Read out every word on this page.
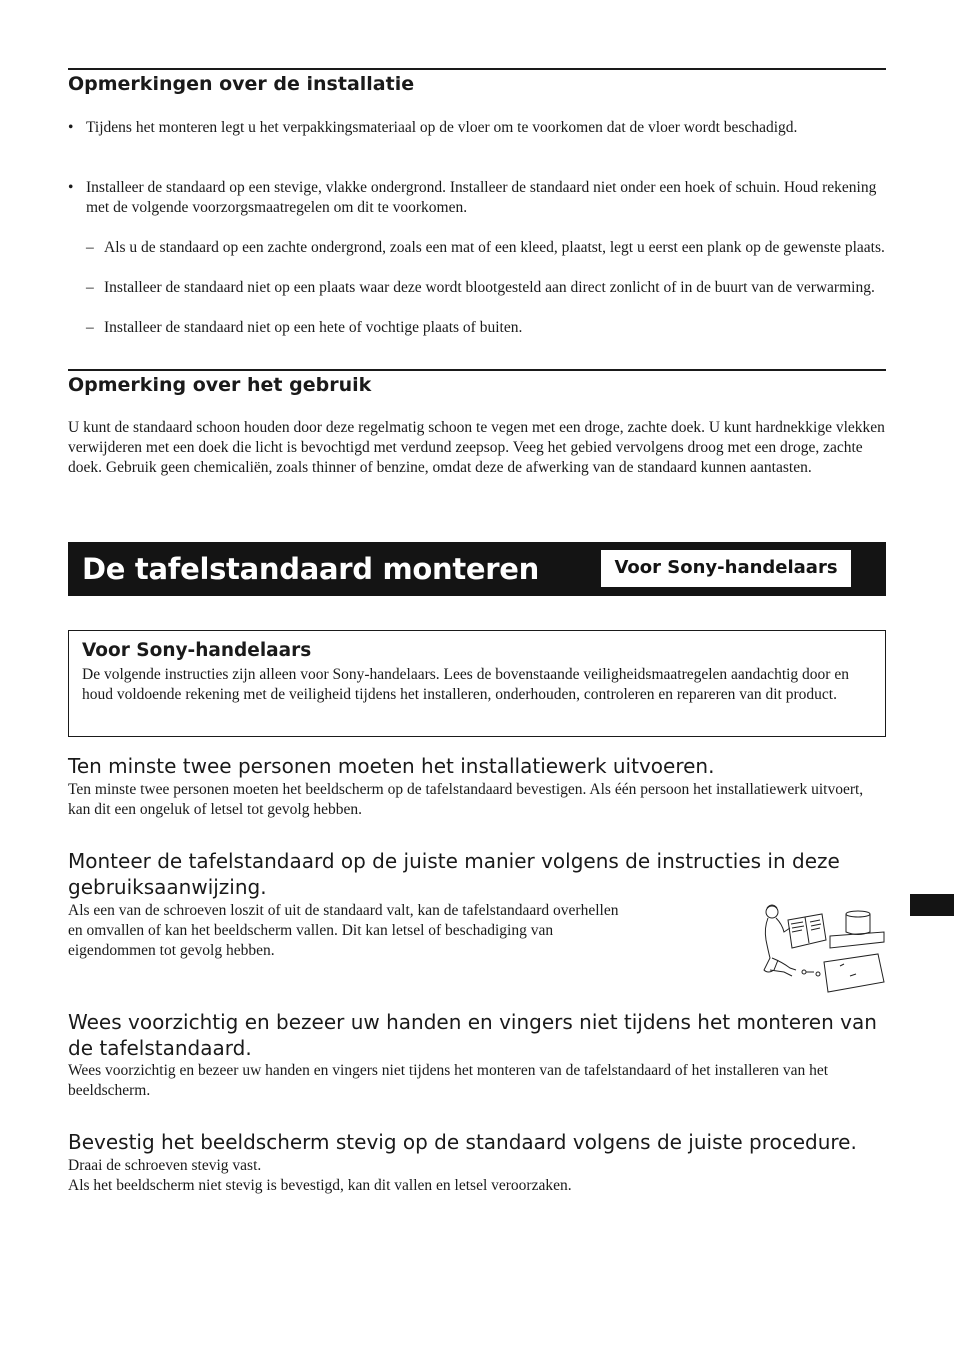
Opmerkingen over de installatie
• Tijdens het monteren legt u het verpakkingsmateriaal op de vloer om te voorkomen dat de vloer wordt beschadigd.
• Installeer de standaard op een stevige, vlakke ondergrond. Installeer de standaard niet onder een hoek of schuin. Houd rekening met de volgende voorzorgsmaatregelen om dit te voorkomen.
– Als u de standaard op een zachte ondergrond, zoals een mat of een kleed, plaatst, legt u eerst een plank op de gewenste plaats.
– Installeer de standaard niet op een plaats waar deze wordt blootgesteld aan direct zonlicht of in de buurt van de verwarming.
– Installeer de standaard niet op een hete of vochtige plaats of buiten.
Opmerking over het gebruik

U kunt de standaard schoon houden door deze regelmatig schoon te vegen met een droge, zachte doek. U kunt hardnekkige vlekken verwijderen met een doek die licht is bevochtigd met verdund zeepsop. Veeg het gebied vervolgens droog met een droge, zachte doek. Gebruik geen chemicaliën, zoals thinner of benzine, omdat deze de afwerking van de standaard kunnen aantasten.

De tafelstandaard monteren	Voor Sony-handelaars
Voor Sony-handelaars

De volgende instructies zijn alleen voor Sony-handelaars. Lees de bovenstaande veiligheidsmaatregelen aandachtig door en houd voldoende rekening met de veiligheid tijdens het installeren, onderhouden, controleren en repareren van dit product.

Ten minste twee personen moeten het installatiewerk uitvoeren.

Ten minste twee personen moeten het beeldscherm op de tafelstandaard bevestigen. Als één persoon het installatiewerk uitvoert, kan dit een ongeluk of letsel tot gevolg hebben.

Monteer de tafelstandaard op de juiste manier volgens de instructies in deze gebruiksaanwijzing.

Als een van de schroeven loszit of uit de standaard valt, kan de tafelstandaard overhellen en omvallen of kan het beeldscherm vallen. Dit kan letsel of beschadiging van eigendommen tot gevolg hebben.

Wees voorzichtig en bezeer uw handen en vingers niet tijdens het monteren van de tafelstandaard.

Wees voorzichtig en bezeer uw handen en vingers niet tijdens het monteren van de tafelstandaard of het installeren van het beeldscherm.

Bevestig het beeldscherm stevig op de standaard volgens de juiste procedure.

Draai de schroeven stevig vast.

Als het beeldscherm niet stevig is bevestigd, kan dit vallen en letsel veroorzaken.
